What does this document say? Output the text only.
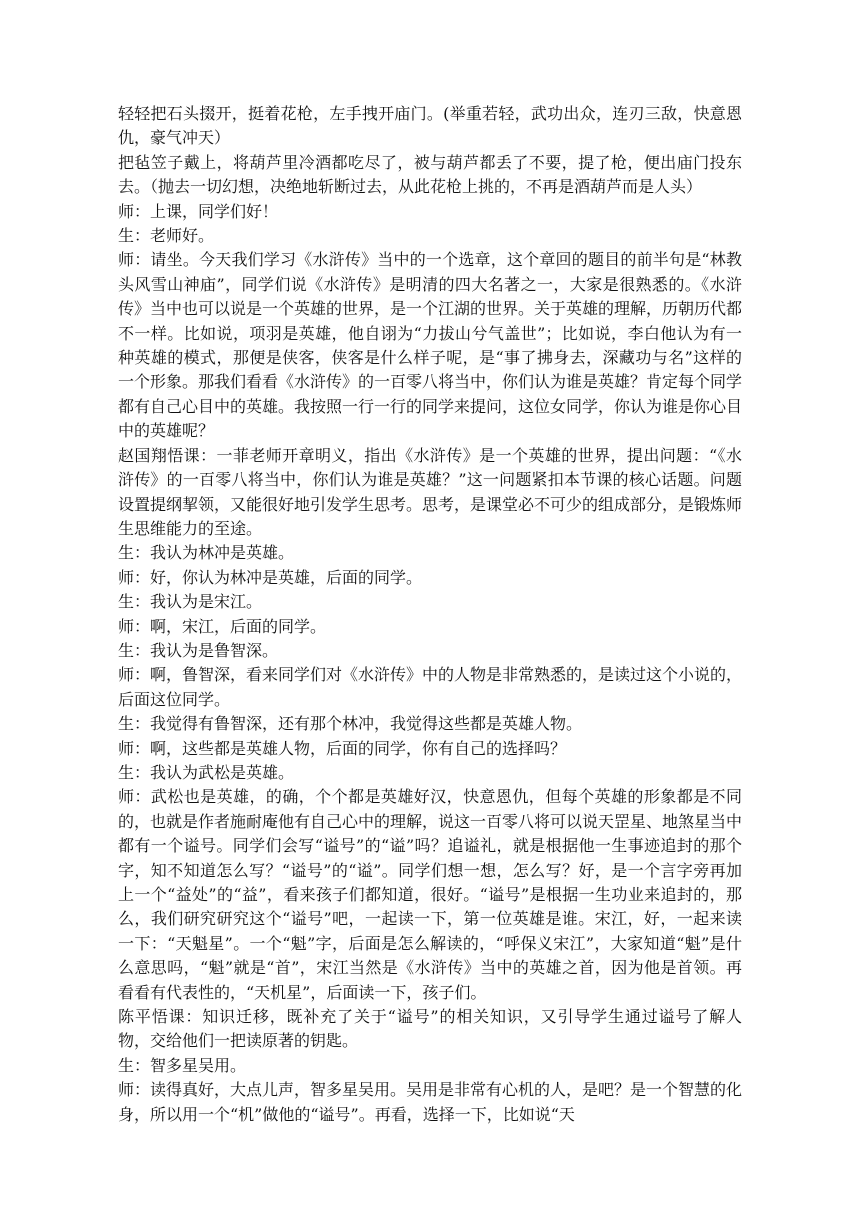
轻轻把石头掇开，挺着花枪，左手拽开庙门。(举重若轻，武功出众，连刃三敌，快意恩仇，豪气冲天）

把毡笠子戴上，将葫芦里冷酒都吃尽了，被与葫芦都丢了不要，提了枪，便出庙门投东去。（抛去一切幻想，决绝地斩断过去，从此花枪上挑的，不再是酒葫芦而是人头）

师：上课，同学们好！

生：老师好。

师：请坐。今天我们学习《水浒传》当中的一个选章，这个章回的题目的前半句是“林教头风雪山神庙”，同学们说《水浒传》是明清的四大名著之一，大家是很熟悉的。《水浒传》当中也可以说是一个英雄的世界，是一个江湖的世界。关于英雄的理解，历朝历代都不一样。比如说，项羽是英雄，他自诩为“力拔山兮气盖世”；比如说，李白他认为有一种英雄的模式，那便是侠客，侠客是什么样子呢，是“事了拂身去，深藏功与名”这样的一个形象。那我们看看《水浒传》的一百零八将当中，你们认为谁是英雄？肯定每个同学都有自己心目中的英雄。我按照一行一行的同学来提问，这位女同学，你认为谁是你心目中的英雄呢？

赵国翔悟课：一菲老师开章明义，指出《水浒传》是一个英雄的世界，提出问题：“《水浒传》的一百零八将当中，你们认为谁是英雄？”这一问题紧扣本节课的核心话题。问题设置提纲挈领，又能很好地引发学生思考。思考，是课堂必不可少的组成部分，是锻炼师生思维能力的至途。

生：我认为林冲是英雄。

师：好，你认为林冲是英雄，后面的同学。

生：我认为是宋江。

师：啊，宋江，后面的同学。

生：我认为是鲁智深。

师：啊，鲁智深，看来同学们对《水浒传》中的人物是非常熟悉的，是读过这个小说的，后面这位同学。

生：我觉得有鲁智深，还有那个林冲，我觉得这些都是英雄人物。

师：啊，这些都是英雄人物，后面的同学，你有自己的选择吗？

生：我认为武松是英雄。

师：武松也是英雄，的确，个个都是英雄好汉，快意恩仇，但每个英雄的形象都是不同的，也就是作者施耐庵他有自己心中的理解，说这一百零八将可以说天罡星、地煞星当中都有一个谥号。同学们会写“谥号”的“谥”吗？追谥礼，就是根据他一生事迹追封的那个字，知不知道怎么写？“谥号”的“谥”。同学们想一想，怎么写？好，是一个言字旁再加上一个“益处”的“益”，看来孩子们都知道，很好。“谥号”是根据一生功业来追封的，那么，我们研究研究这个“谥号”吧，一起读一下，第一位英雄是谁。宋江，好，一起来读一下：“天魁星”。一个“魁”字，后面是怎么解读的，“呼保义宋江”，大家知道“魁”是什么意思吗，“魁”就是“首”，宋江当然是《水浒传》当中的英雄之首，因为他是首领。再看看有代表性的，“天机星”，后面读一下，孩子们。

陈平悟课：知识迁移，既补充了关于“谥号”的相关知识，又引导学生通过谥号了解人物，交给他们一把读原著的钥匙。

生：智多星吴用。

师：读得真好，大点儿声，智多星吴用。吴用是非常有心机的人，是吧？是一个智慧的化身，所以用一个“机”做他的“谥号”。再看，选择一下，比如说“天
